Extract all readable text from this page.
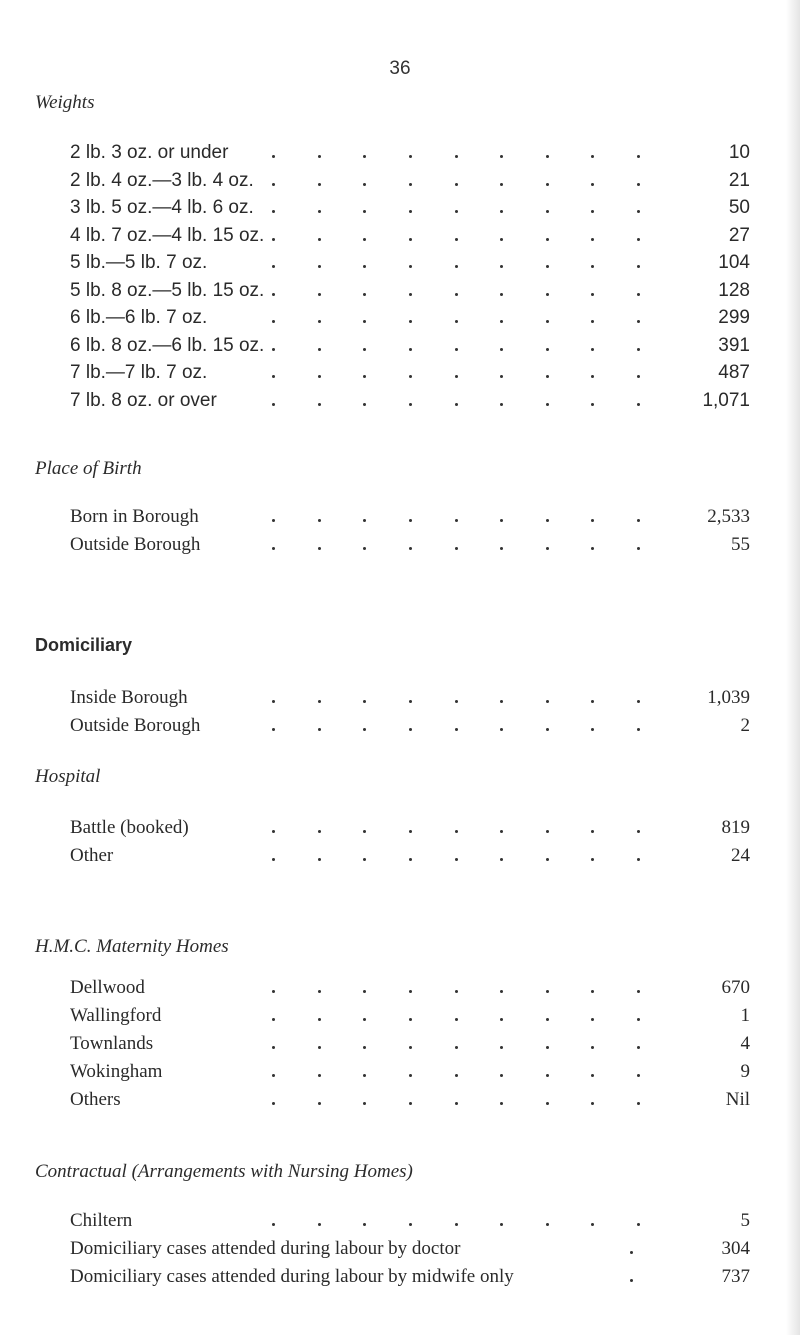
36
Weights
2 lb. 3 oz. or under	10
2 lb. 4 oz.—3 lb. 4 oz.	21
3 lb. 5 oz.—4 lb. 6 oz.	50
4 lb. 7 oz.—4 lb. 15 oz.	27
5 lb.—5 lb. 7 oz.	104
5 lb. 8 oz.—5 lb. 15 oz.	128
6 lb.—6 lb. 7 oz.	299
6 lb. 8 oz.—6 lb. 15 oz.	391
7 lb.—7 lb. 7 oz.	487
7 lb. 8 oz. or over	1,071
Place of Birth
Born in Borough	2,533
Outside Borough	55
Domiciliary
Inside Borough	1,039
Outside Borough	2
Hospital
Battle (booked)	819
Other	24
H.M.C. Maternity Homes
Dellwood	670
Wallingford	1
Townlands	4
Wokingham	9
Others	Nil
Contractual (Arrangements with Nursing Homes)
Chiltern	5
Domiciliary cases attended during labour by doctor	304
Domiciliary cases attended during labour by midwife only	737
